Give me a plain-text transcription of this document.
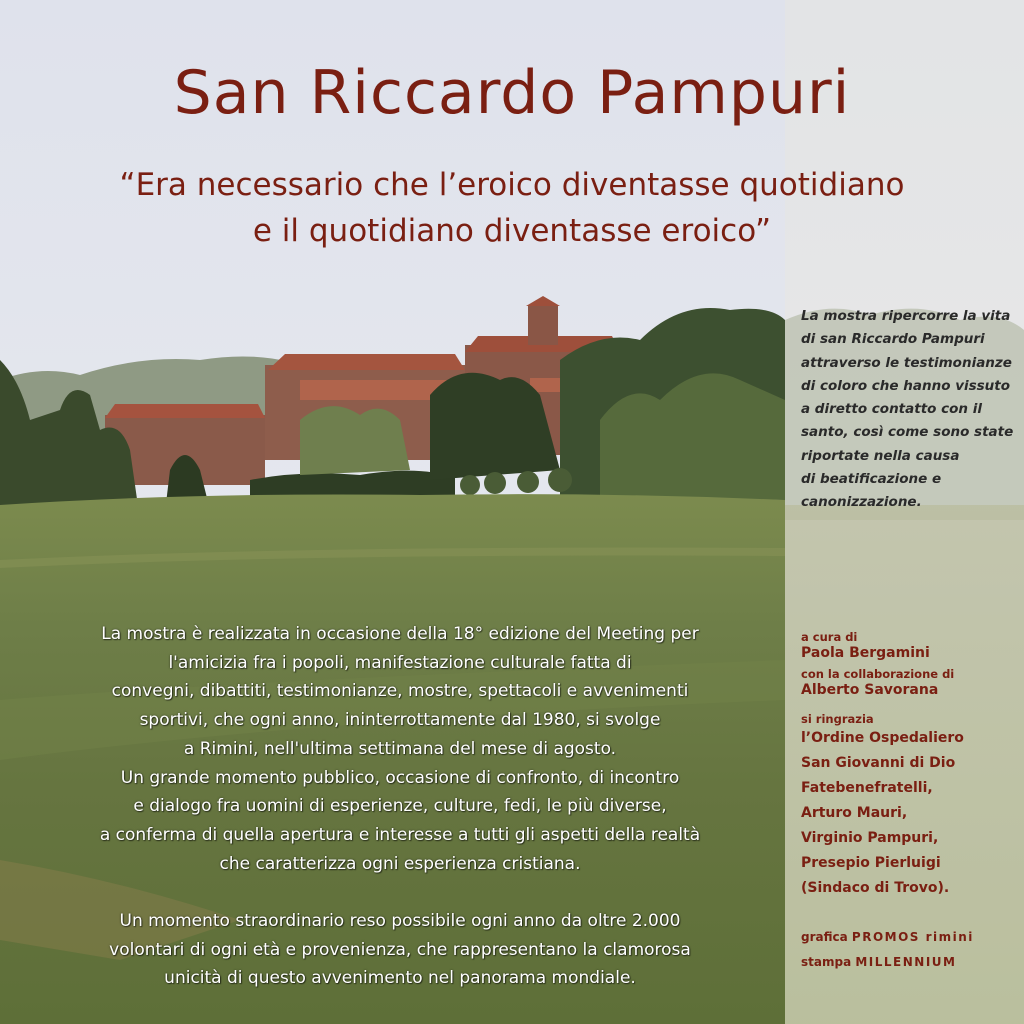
San Riccardo Pampuri
“Era necessario che l’eroico diventasse quotidiano
e il quotidiano diventasse eroico”
La mostra ripercorre la vita
di san Riccardo Pampuri
attraverso le testimonianze
di coloro che hanno vissuto
a diretto contatto con il
santo, così come sono state
riportate nella causa
di beatificazione e
canonizzazione.
a cura di
Paola Bergamini
con la collaborazione di
Alberto Savorana
si ringrazia
l’Ordine Ospedaliero
San Giovanni di Dio
Fatebenefratelli,
Arturo Mauri,
Virginio Pampuri,
Presepio Pierluigi
(Sindaco di Trovo).
grafica PROMOS rimini
stampa MILLENNIUM
La mostra è realizzata in occasione della 18° edizione del Meeting per
l'amicizia fra i popoli, manifestazione culturale fatta di
convegni, dibattiti, testimonianze, mostre, spettacoli e avvenimenti
sportivi, che ogni anno, ininterrottamente dal 1980, si svolge
a Rimini, nell'ultima settimana del mese di agosto.
Un grande momento pubblico, occasione di confronto, di incontro
e dialogo fra uomini di esperienze, culture, fedi, le più diverse,
a conferma di quella apertura e interesse a tutti gli aspetti della realtà
che caratterizza ogni esperienza cristiana.
Un momento straordinario reso possibile ogni anno da oltre 2.000
volontari di ogni età e provenienza, che rappresentano la clamorosa
unicità di questo avvenimento nel panorama mondiale.
